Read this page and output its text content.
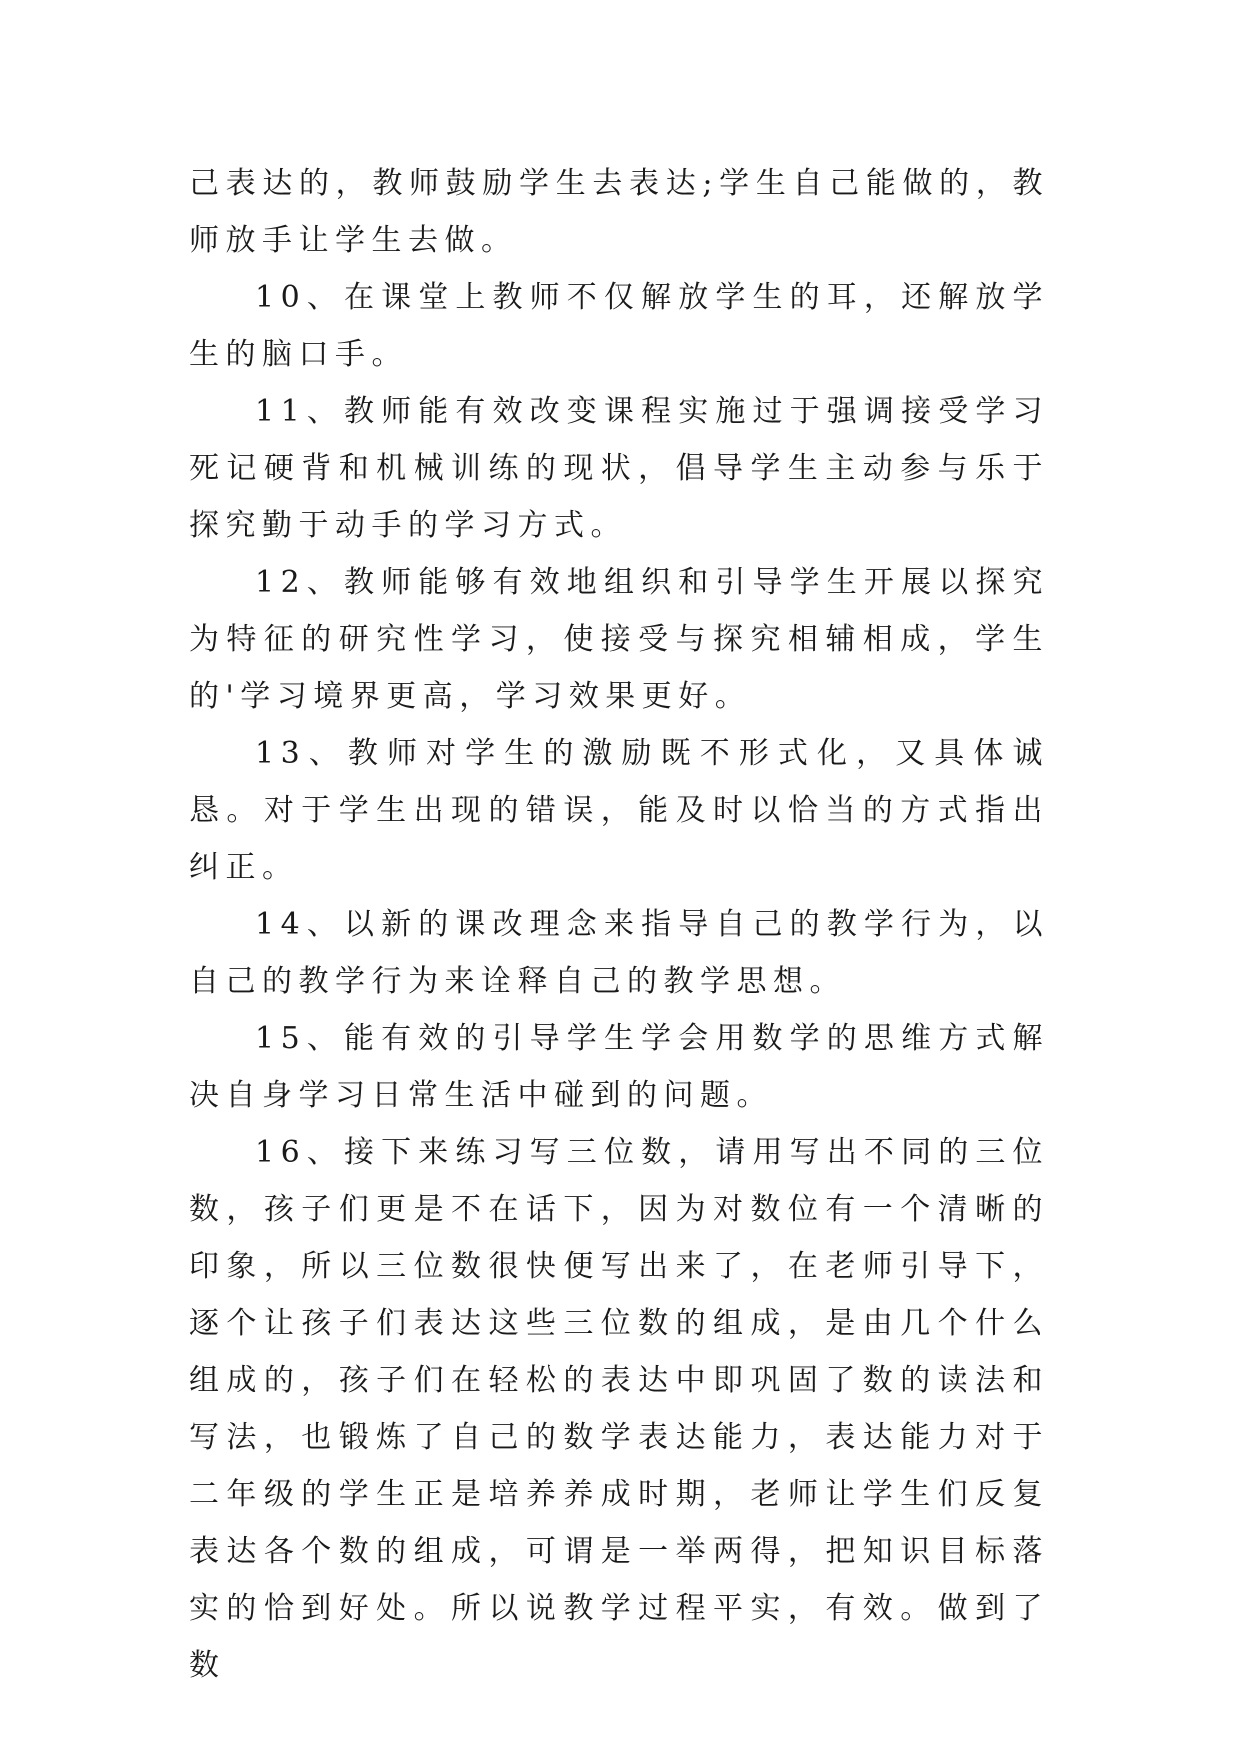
己表达的，教师鼓励学生去表达;学生自己能做的，教师放手让学生去做。

10、在课堂上教师不仅解放学生的耳，还解放学生的脑口手。

11、教师能有效改变课程实施过于强调接受学习死记硬背和机械训练的现状，倡导学生主动参与乐于探究勤于动手的学习方式。

12、教师能够有效地组织和引导学生开展以探究为特征的研究性学习，使接受与探究相辅相成，学生的'学习境界更高，学习效果更好。

13、教师对学生的激励既不形式化，又具体诚恳。对于学生出现的错误，能及时以恰当的方式指出纠正。

14、以新的课改理念来指导自己的教学行为，以自己的教学行为来诠释自己的教学思想。

15、能有效的引导学生学会用数学的思维方式解决自身学习日常生活中碰到的问题。

16、接下来练习写三位数，请用写出不同的三位数，孩子们更是不在话下，因为对数位有一个清晰的印象，所以三位数很快便写出来了，在老师引导下，逐个让孩子们表达这些三位数的组成，是由几个什么组成的，孩子们在轻松的表达中即巩固了数的读法和写法，也锻炼了自己的数学表达能力，表达能力对于二年级的学生正是培养养成时期，老师让学生们反复表达各个数的组成，可谓是一举两得，把知识目标落实的恰到好处。所以说教学过程平实，有效。做到了数
